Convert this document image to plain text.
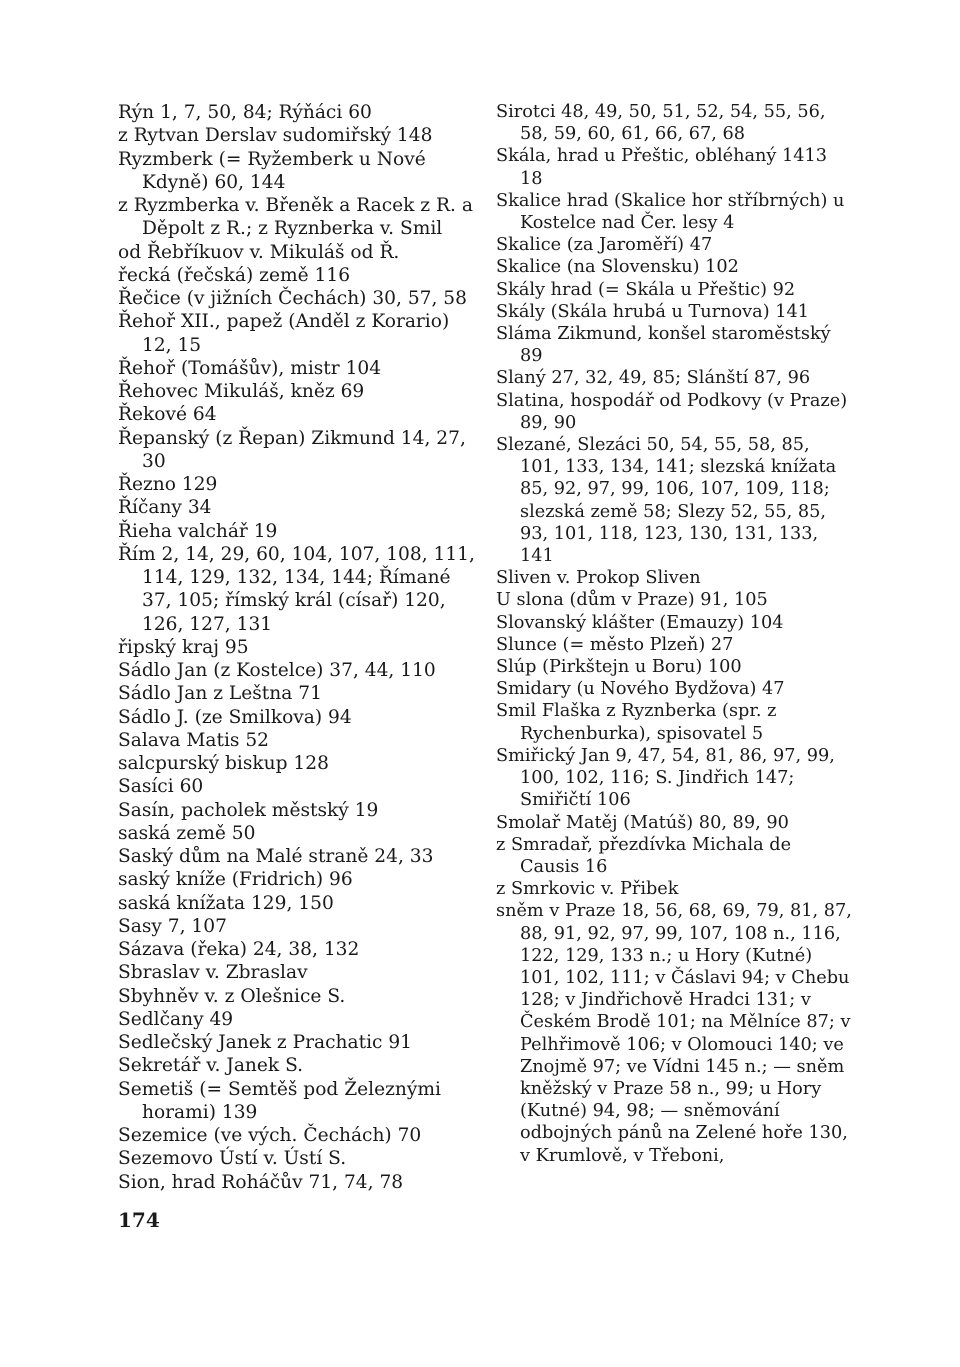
Rýn 1, 7, 50, 84; Rýňáci 60
z Rytvan Derslav sudomiřský 148
Ryzmberk (= Ryžemberk u Nové Kdyně) 60, 144
z Ryzmberka v. Břeněk a Racek z R. a Děpolt z R.; z Ryznberka v. Smil
od Řebříkuov v. Mikuláš od Ř.
řecká (řečská) země 116
Řečice (v jižních Čechách) 30, 57, 58
Řehoř XII., papež (Anděl z Korario) 12, 15
Řehoř (Tomášův), mistr 104
Řehovec Mikuláš, kněz 69
Řekové 64
Řepanský (z Řepan) Zikmund 14, 27, 30
Řezno 129
Říčany 34
Řieha valchář 19
Řím 2, 14, 29, 60, 104, 107, 108, 111, 114, 129, 132, 134, 144; Římané 37, 105; římský král (císař) 120, 126, 127, 131
řipský kraj 95
Sádlo Jan (z Kostelce) 37, 44, 110
Sádlo Jan z Leštna 71
Sádlo J. (ze Smilkova) 94
Salava Matis 52
salcpurský biskup 128
Sasíci 60
Sasín, pacholek městský 19
saská země 50
Saský dům na Malé straně 24, 33
saský kníže (Fridrich) 96
saská knížata 129, 150
Sasy 7, 107
Sázava (řeka) 24, 38, 132
Sbraslav v. Zbraslav
Sbyhněv v. z Olešnice S.
Sedlčany 49
Sedlečský Janek z Prachatic 91
Sekretář v. Janek S.
Semetiš (= Semtěš pod Železnými horami) 139
Sezemice (ve vých. Čechách) 70
Sezemovo Ústí v. Ústí S.
Sion, hrad Roháčův 71, 74, 78
Sirotci 48, 49, 50, 51, 52, 54, 55, 56, 58, 59, 60, 61, 66, 67, 68
Skála, hrad u Přeštic, obléhaný 1413 18
Skalice hrad (Skalice hor stříbrných) u Kostelce nad Čer. lesy 4
Skalice (za Jaroměří) 47
Skalice (na Slovensku) 102
Skály hrad (= Skála u Přeštic) 92
Skály (Skála hrubá u Turnova) 141
Sláma Zikmund, konšel staroměstský 89
Slaný 27, 32, 49, 85; Slánští 87, 96
Slatina, hospodář od Podkovy (v Praze) 89, 90
Slezané, Slezáci 50, 54, 55, 58, 85, 101, 133, 134, 141; slezská knížata 85, 92, 97, 99, 106, 107, 109, 118; slezská země 58; Slezy 52, 55, 85, 93, 101, 118, 123, 130, 131, 133, 141
Sliven v. Prokop Sliven
U slona (dům v Praze) 91, 105
Slovanský klášter (Emauzy) 104
Slunce (= město Plzeň) 27
Slúp (Pirkštejn u Boru) 100
Smidary (u Nového Bydžova) 47
Smil Flaška z Ryznberka (spr. z Rychenburka), spisovatel 5
Smiřický Jan 9, 47, 54, 81, 86, 97, 99, 100, 102, 116; S. Jindřich 147; Smiřičtí 106
Smolař Matěj (Matúš) 80, 89, 90
z Smradař, přezdívka Michala de Causis 16
z Smrkovic v. Přibek
sněm v Praze 18, 56, 68, 69, 79, 81, 87, 88, 91, 92, 97, 99, 107, 108 n., 116, 122, 129, 133 n.; u Hory (Kutné) 101, 102, 111; v Čáslavi 94; v Chebu 128; v Jindřichově Hradci 131; v Českém Brodě 101; na Mělníce 87; v Pelhřimově 106; v Olomouci 140; ve Znojmě 97; ve Vídni 145 n.; — sněm kněžský v Praze 58 n., 99; u Hory (Kutné) 94, 98; — sněmování odbojných pánů na Zelené hoře 130, v Krumlově, v Třeboni,
174
